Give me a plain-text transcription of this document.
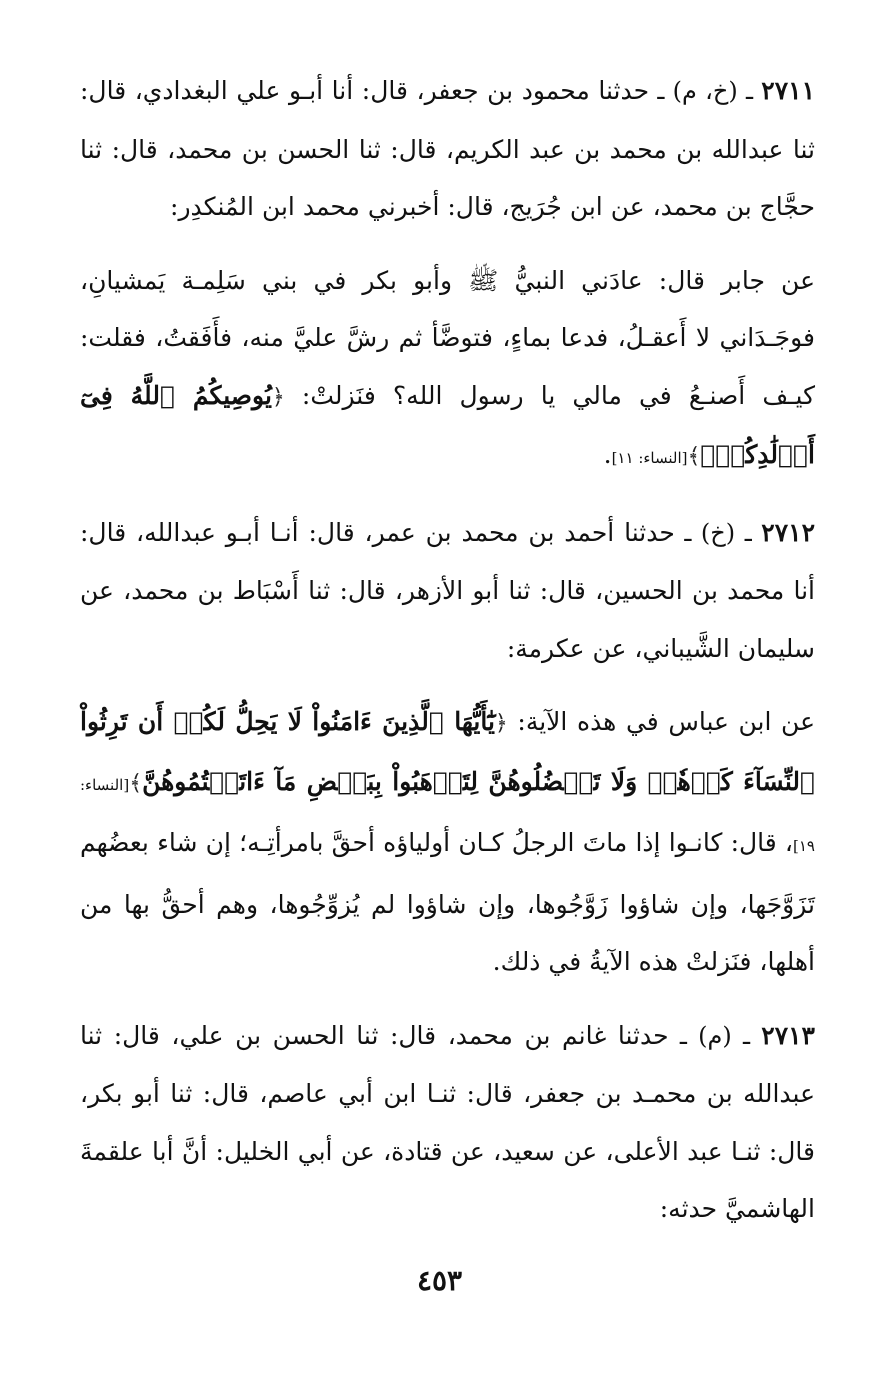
٢٧١١ ـ (خ، م) ـ حدثنا محمود بن جعفر، قال: أنا أبـو علي البغدادي، قال: ثنا عبدالله بن محمد بن عبد الكريم، قال: ثنا الحسن بن محمد، قال: ثنا حجَّاج بن محمد، عن ابن جُرَيج، قال: أخبرني محمد ابن المُنكدِر:

عن جابر قال: عادَني النبيُّ ﷺ وأبو بكر في بني سَلِمـة يَمشيانِ، فوجَـدَاني لا أَعقـلُ، فدعا بماءٍ، فتوضَّأ ثم رشَّ عليَّ منه، فأَفَقتُ، فقلت: كيـف أَصنـعُ في مالي يا رسول الله؟ فنَزلتْ: ﴿يُوصِيكُمُ ٱللَّهُ فِىٓ أَوۡلَٰدِكُمۡۖ﴾[النساء: ١١].

٢٧١٢ ـ (خ) ـ حدثنا أحمد بن محمد بن عمر، قال: أنـا أبـو عبدالله، قال: أنا محمد بن الحسين، قال: ثنا أبو الأزهر، قال: ثنا أَسْبَاط بن محمد، عن سليمان الشَّيباني، عن عكرمة:

عن ابن عباس في هذه الآية: ﴿يَٰٓأَيُّهَا ٱلَّذِينَ ءَامَنُواْ لَا يَحِلُّ لَكُمۡ أَن تَرِثُواْ ٱلنِّسَآءَ كَرۡهٗاۖ وَلَا تَعۡضُلُوهُنَّ لِتَذۡهَبُواْ بِبَعۡضِ مَآ ءَاتَيۡتُمُوهُنَّ﴾[النساء: ١٩]، قال: كانـوا إذا ماتَ الرجلُ كـان أولياؤه أحقَّ بامرأتِـه؛ إن شاء بعضُهم تَزَوَّجَها، وإن شاؤوا زَوَّجُوها، وإن شاؤوا لم يُزوِّجُوها، وهم أحقُّ بها من أهلها، فنَزلتْ هذه الآيةُ في ذلك.

٢٧١٣ ـ (م) ـ حدثنا غانم بن محمد، قال: ثنا الحسن بن علي، قال: ثنا عبدالله بن محمـد بن جعفر، قال: ثنـا ابن أبي عاصم، قال: ثنا أبو بكر، قال: ثنـا عبد الأعلى، عن سعيد، عن قتادة، عن أبي الخليل: أنَّ أبا علقمةَ الهاشميَّ حدثه:

٤٥٣
